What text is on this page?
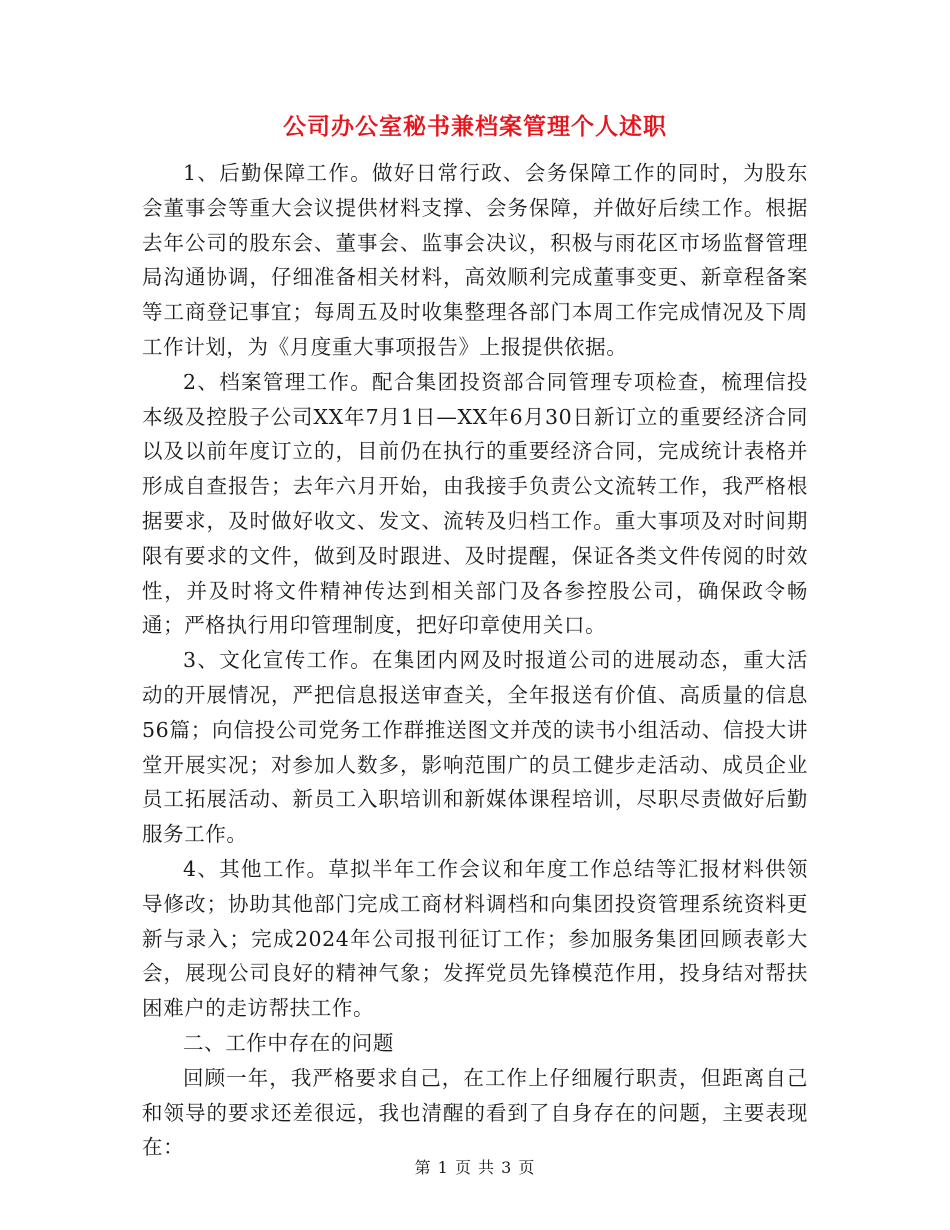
公司办公室秘书兼档案管理个人述职

1、后勤保障工作。做好日常行政、会务保障工作的同时，为股东会董事会等重大会议提供材料支撑、会务保障，并做好后续工作。根据去年公司的股东会、董事会、监事会决议，积极与雨花区市场监督管理局沟通协调，仔细准备相关材料，高效顺利完成董事变更、新章程备案等工商登记事宜；每周五及时收集整理各部门本周工作完成情况及下周工作计划，为《月度重大事项报告》上报提供依据。

2、档案管理工作。配合集团投资部合同管理专项检查，梳理信投本级及控股子公司XX年7月1日—XX年6月30日新订立的重要经济合同以及以前年度订立的，目前仍在执行的重要经济合同，完成统计表格并形成自查报告；去年六月开始，由我接手负责公文流转工作，我严格根据要求，及时做好收文、发文、流转及归档工作。重大事项及对时间期限有要求的文件，做到及时跟进、及时提醒，保证各类文件传阅的时效性，并及时将文件精神传达到相关部门及各参控股公司，确保政令畅通；严格执行用印管理制度，把好印章使用关口。

3、文化宣传工作。在集团内网及时报道公司的进展动态，重大活动的开展情况，严把信息报送审查关，全年报送有价值、高质量的信息56篇；向信投公司党务工作群推送图文并茂的读书小组活动、信投大讲堂开展实况；对参加人数多，影响范围广的员工健步走活动、成员企业员工拓展活动、新员工入职培训和新媒体课程培训，尽职尽责做好后勤服务工作。

4、其他工作。草拟半年工作会议和年度工作总结等汇报材料供领导修改；协助其他部门完成工商材料调档和向集团投资管理系统资料更新与录入；完成2024年公司报刊征订工作；参加服务集团回顾表彰大会，展现公司良好的精神气象；发挥党员先锋模范作用，投身结对帮扶困难户的走访帮扶工作。

二、工作中存在的问题

回顾一年，我严格要求自己，在工作上仔细履行职责，但距离自己和领导的要求还差很远，我也清醒的看到了自身存在的问题，主要表现在：

第 1 页 共 3 页
